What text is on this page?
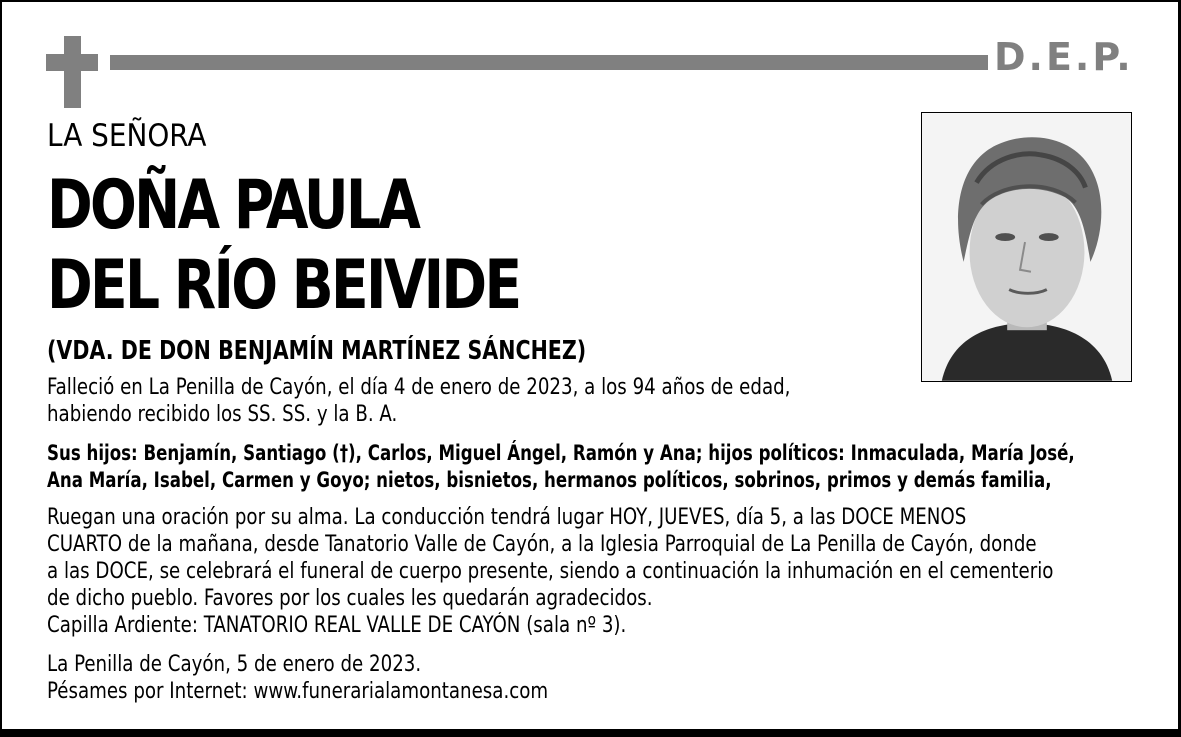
D.E.P.
LA SEÑORA
DOÑA PAULA
DEL RÍO BEIVIDE
(VDA. DE DON BENJAMÍN MARTÍNEZ SÁNCHEZ)
Falleció en La Penilla de Cayón, el día 4 de enero de 2023, a los 94 años de edad,
habiendo recibido los SS. SS. y la B. A.
Sus hijos: Benjamín, Santiago (†), Carlos, Miguel Ángel, Ramón y Ana; hijos políticos: Inmaculada, María José,
Ana María, Isabel, Carmen y Goyo; nietos, bisnietos, hermanos políticos, sobrinos, primos y demás familia,
Ruegan una oración por su alma. La conducción tendrá lugar HOY, JUEVES, día 5, a las DOCE MENOS
CUARTO de la mañana, desde Tanatorio Valle de Cayón, a la Iglesia Parroquial de La Penilla de Cayón, donde
a las DOCE, se celebrará el funeral de cuerpo presente, siendo a continuación la inhumación en el cementerio
de dicho pueblo. Favores por los cuales les quedarán agradecidos.
Capilla Ardiente: TANATORIO REAL VALLE DE CAYÓN (sala nº 3).
La Penilla de Cayón, 5 de enero de 2023.
Pésames por Internet: www.funerarialamontanesa.com
